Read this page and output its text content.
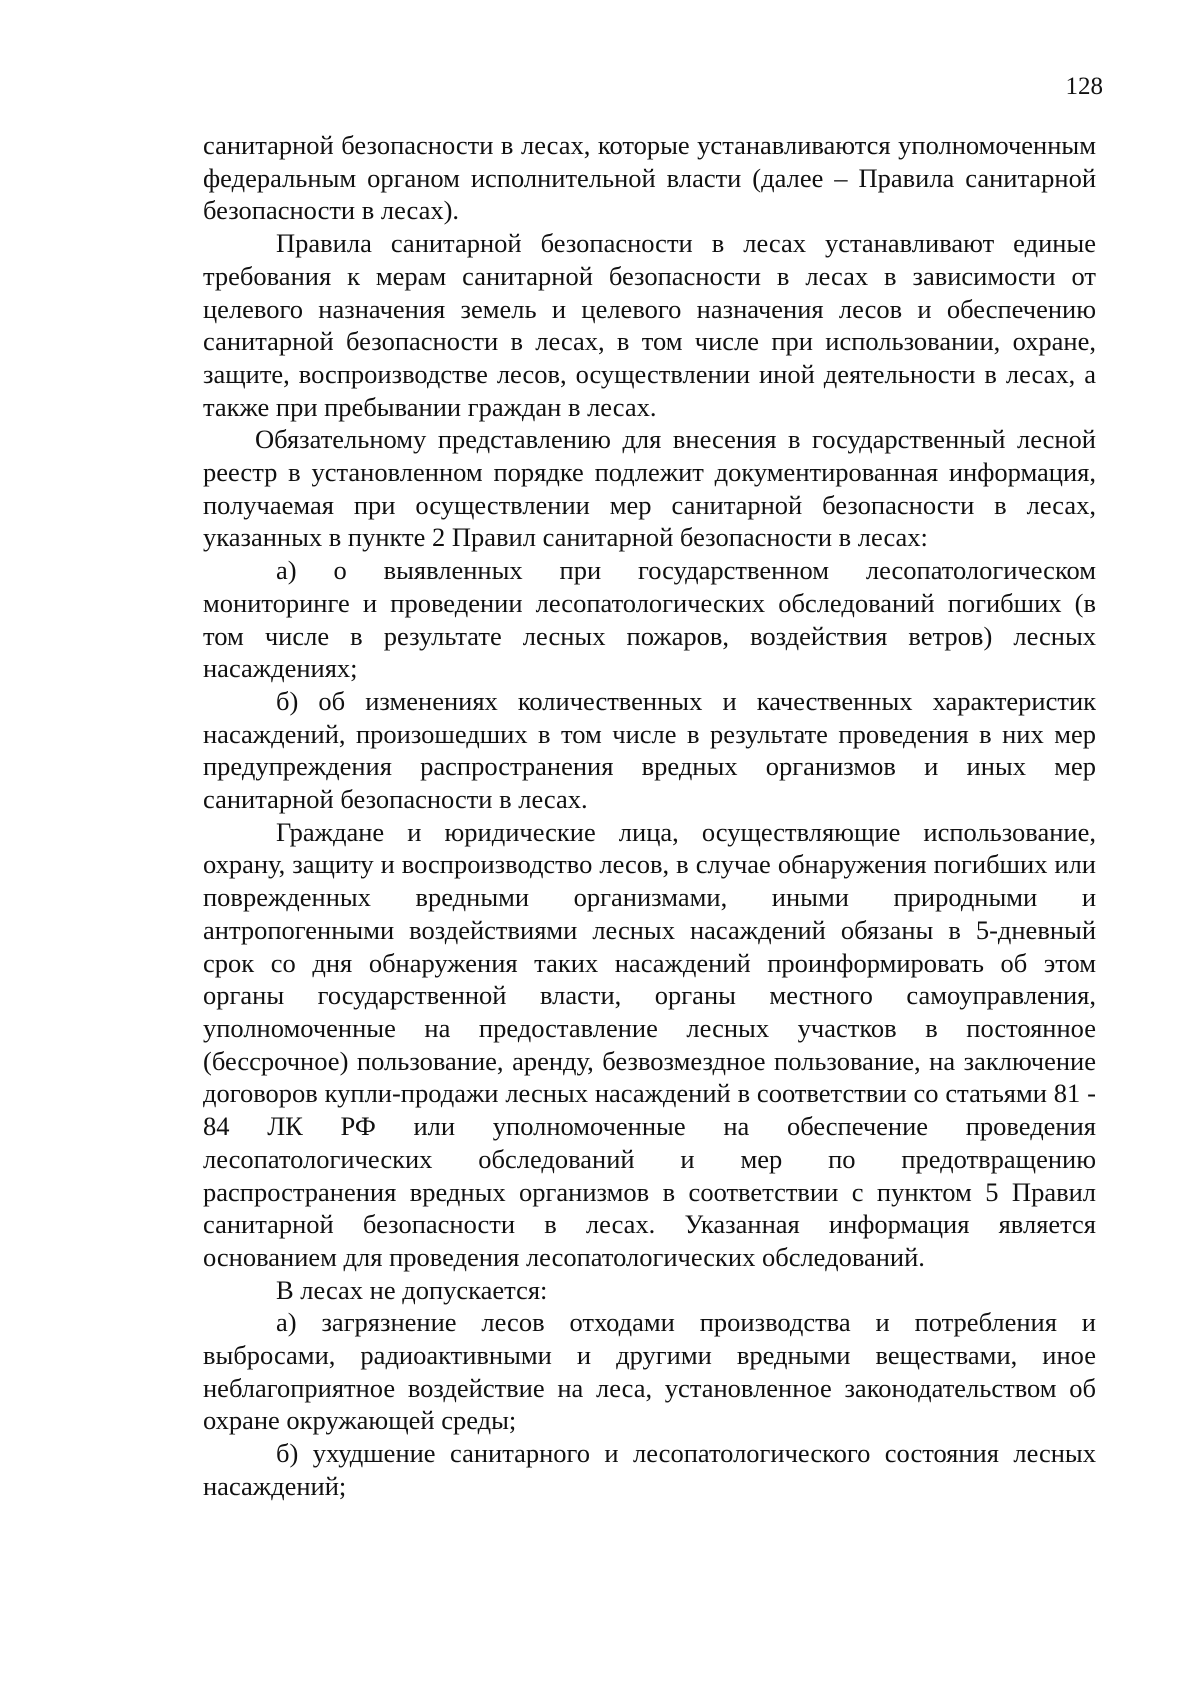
128

санитарной безопасности в лесах, которые устанавливаются уполномоченным федеральным органом исполнительной власти (далее – Правила санитарной безопасности в лесах).

Правила санитарной безопасности в лесах устанавливают единые требования к мерам санитарной безопасности в лесах в зависимости от целевого назначения земель и целевого назначения лесов и обеспечению санитарной безопасности в лесах, в том числе при использовании, охране, защите, воспроизводстве лесов, осуществлении иной деятельности в лесах, а также при пребывании граждан в лесах.

Обязательному представлению для внесения в государственный лесной реестр в установленном порядке подлежит документированная информация, получаемая при осуществлении мер санитарной безопасности в лесах, указанных в пункте 2 Правил санитарной безопасности в лесах:

а) о выявленных при государственном лесопатологическом мониторинге и проведении лесопатологических обследований погибших (в том числе в результате лесных пожаров, воздействия ветров) лесных насаждениях;

б) об изменениях количественных и качественных характеристик насаждений, произошедших в том числе в результате проведения в них мер предупреждения распространения вредных организмов и иных мер санитарной безопасности в лесах.

Граждане и юридические лица, осуществляющие использование, охрану, защиту и воспроизводство лесов, в случае обнаружения погибших или поврежденных вредными организмами, иными природными и антропогенными воздействиями лесных насаждений обязаны в 5-дневный срок со дня обнаружения таких насаждений проинформировать об этом органы государственной власти, органы местного самоуправления, уполномоченные на предоставление лесных участков в постоянное (бессрочное) пользование, аренду, безвозмездное пользование, на заключение договоров купли-продажи лесных насаждений в соответствии со статьями 81 - 84 ЛК РФ или уполномоченные на обеспечение проведения лесопатологических обследований и мер по предотвращению распространения вредных организмов в соответствии с пунктом 5 Правил санитарной безопасности в лесах. Указанная информация является основанием для проведения лесопатологических обследований.

В лесах не допускается:

а) загрязнение лесов отходами производства и потребления и выбросами, радиоактивными и другими вредными веществами, иное неблагоприятное воздействие на леса, установленное законодательством об охране окружающей среды;

б) ухудшение санитарного и лесопатологического состояния лесных насаждений;
